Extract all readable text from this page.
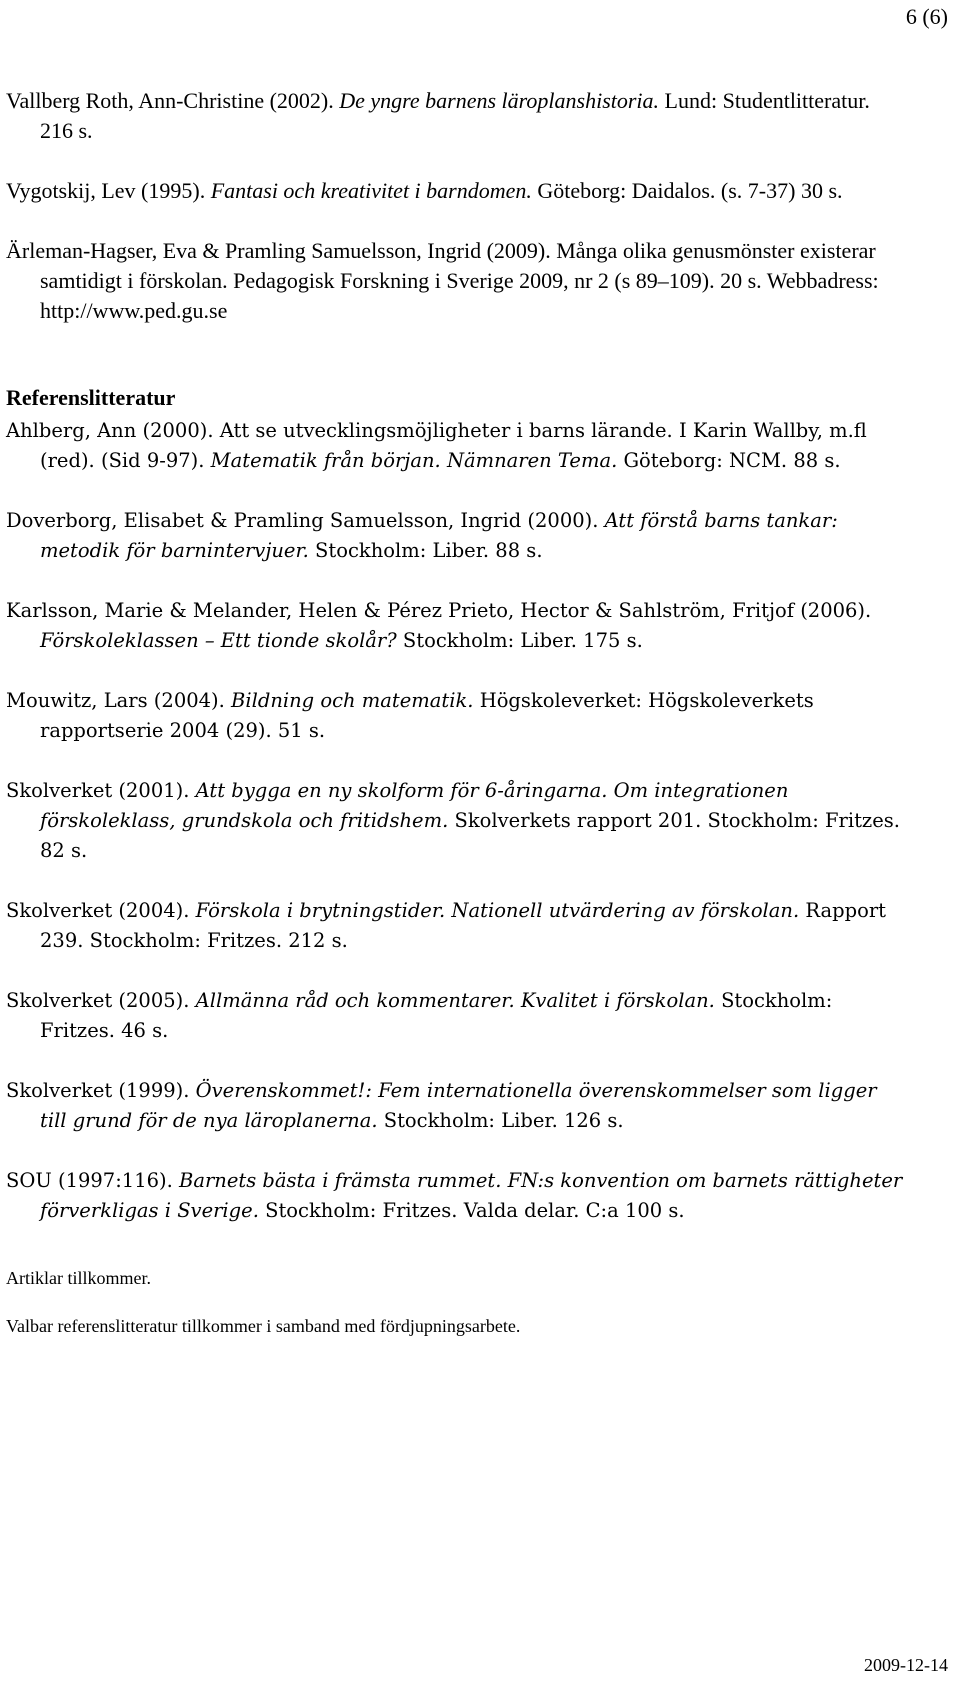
6 (6)
Vallberg Roth, Ann-Christine (2002). De yngre barnens läroplanshistoria. Lund: Studentlitteratur. 216 s.
Vygotskij, Lev (1995). Fantasi och kreativitet i barndomen. Göteborg: Daidalos. (s. 7-37) 30 s.
Ärleman-Hagser, Eva & Pramling Samuelsson, Ingrid (2009). Många olika genusmönster existerar samtidigt i förskolan. Pedagogisk Forskning i Sverige 2009, nr 2 (s 89–109). 20 s. Webbadress: http://www.ped.gu.se
Referenslitteratur
Ahlberg, Ann (2000). Att se utvecklingsmöjligheter i barns lärande. I Karin Wallby, m.fl (red). (Sid 9-97). Matematik från början. Nämnaren Tema. Göteborg: NCM. 88 s.
Doverborg, Elisabet & Pramling Samuelsson, Ingrid (2000). Att förstå barns tankar: metodik för barnintervjuer. Stockholm: Liber. 88 s.
Karlsson, Marie & Melander, Helen & Pérez Prieto, Hector & Sahlström, Fritjof (2006).Förskoleklassen – Ett tionde skolår? Stockholm: Liber. 175 s.
Mouwitz, Lars (2004). Bildning och matematik. Högskoleverket: Högskoleverkets rapportserie 2004 (29). 51 s.
Skolverket (2001). Att bygga en ny skolform för 6-åringarna. Om integrationen förskoleklass, grundskola och fritidshem. Skolverkets rapport 201. Stockholm: Fritzes. 82 s.
Skolverket (2004). Förskola i brytningstider. Nationell utvärdering av förskolan. Rapport 239. Stockholm: Fritzes. 212 s.
Skolverket (2005). Allmänna råd och kommentarer. Kvalitet i förskolan. Stockholm: Fritzes. 46 s.
Skolverket (1999). Överenskommet!: Fem internationella överenskommelser som ligger till grund för de nya läroplanerna. Stockholm: Liber. 126 s.
SOU (1997:116). Barnets bästa i främsta rummet. FN:s konvention om barnets rättigheter förverkligas i Sverige. Stockholm: Fritzes. Valda delar. C:a 100 s.
Artiklar tillkommer.
Valbar referenslitteratur tillkommer i samband med fördjupningsarbete.
2009-12-14
